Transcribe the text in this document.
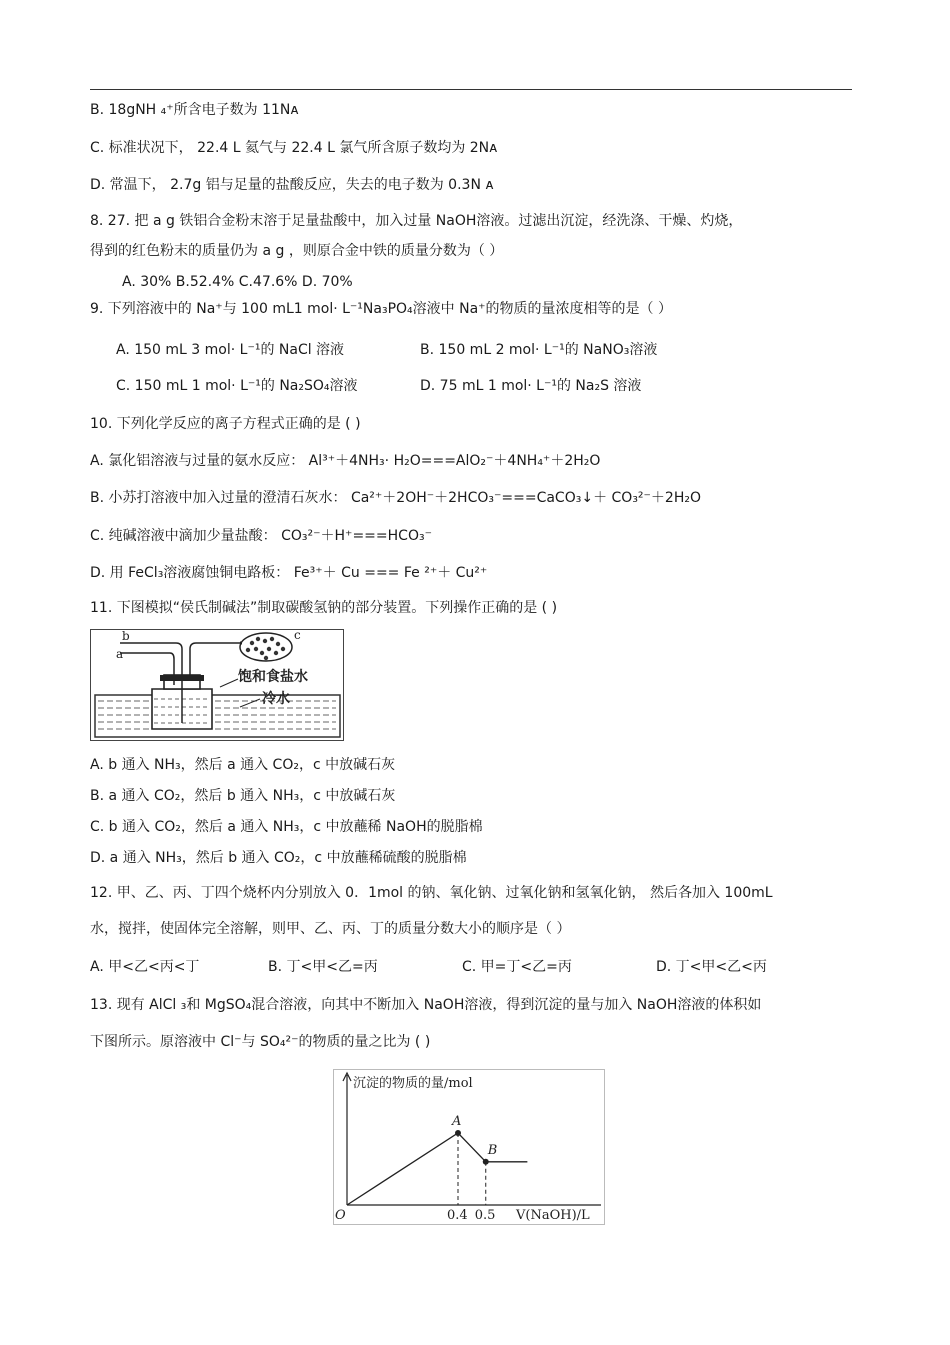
B. 18gNH ₄⁺所含电子数为 11Nᴀ
C. 标准状况下， 22.4 L 氦气与 22.4 L 氯气所含原子数均为 2Nᴀ
D. 常温下， 2.7g 铝与足量的盐酸反应，失去的电子数为 0.3N ᴀ
8. 27. 把 a g 铁铝合金粉末溶于足量盐酸中，加入过量 NaOH溶液。过滤出沉淀，经洗涤、干燥、灼烧，
得到的红色粉末的质量仍为 a g ，则原合金中铁的质量分数为（ ）
A. 30% B.52.4% C.47.6% D. 70%
9. 下列溶液中的 Na⁺与 100 mL1 mol· L⁻¹Na₃PO₄溶液中 Na⁺的物质的量浓度相等的是（ ）
A. 150 mL 3 mol· L⁻¹的 NaCl 溶液	B. 150 mL 2 mol· L⁻¹的 NaNO₃溶液
C. 150 mL 1 mol· L⁻¹的 Na₂SO₄溶液	D. 75 mL 1 mol· L⁻¹的 Na₂S 溶液
10. 下列化学反应的离子方程式正确的是 ( )
A. 氯化铝溶液与过量的氨水反应： Al³⁺＋4NH₃· H₂O===AlO₂⁻＋4NH₄⁺＋2H₂O
B. 小苏打溶液中加入过量的澄清石灰水： Ca²⁺＋2OH⁻＋2HCO₃⁻===CaCO₃↓＋ CO₃²⁻＋2H₂O
C. 纯碱溶液中滴加少量盐酸： CO₃²⁻＋H⁺===HCO₃⁻
D. 用 FeCl₃溶液腐蚀铜电路板： Fe³⁺＋ Cu === Fe ²⁺＋ Cu²⁺
11. 下图模拟“侯氏制碱法”制取碳酸氢钠的部分装置。下列操作正确的是 ( )
b
a
c
饱和食盐水
冷水
A. b 通入 NH₃，然后 a 通入 CO₂，c 中放碱石灰
B. a 通入 CO₂，然后 b 通入 NH₃，c 中放碱石灰
C. b 通入 CO₂，然后 a 通入 NH₃，c 中放蘸稀 NaOH的脱脂棉
D. a 通入 NH₃，然后 b 通入 CO₂，c 中放蘸稀硫酸的脱脂棉
12. 甲、乙、丙、丁四个烧杯内分别放入 0．1mol 的钠、氧化钠、过氧化钠和氢氧化钠， 然后各加入 100mL
水，搅拌，使固体完全溶解，则甲、乙、丙、丁的质量分数大小的顺序是（ ）
A. 甲<乙<丙<丁	B. 丁<甲<乙=丙	C. 甲=丁<乙=丙	D. 丁<甲<乙<丙
13. 现有 AlCl ₃和 MgSO₄混合溶液，向其中不断加入 NaOH溶液，得到沉淀的量与加入 NaOH溶液的体积如
下图所示。原溶液中 Cl⁻与 SO₄²⁻的物质的量之比为 ( )
沉淀的物质的量/mol
O	V(NaOH)/L
A
0.4
B
0.5
